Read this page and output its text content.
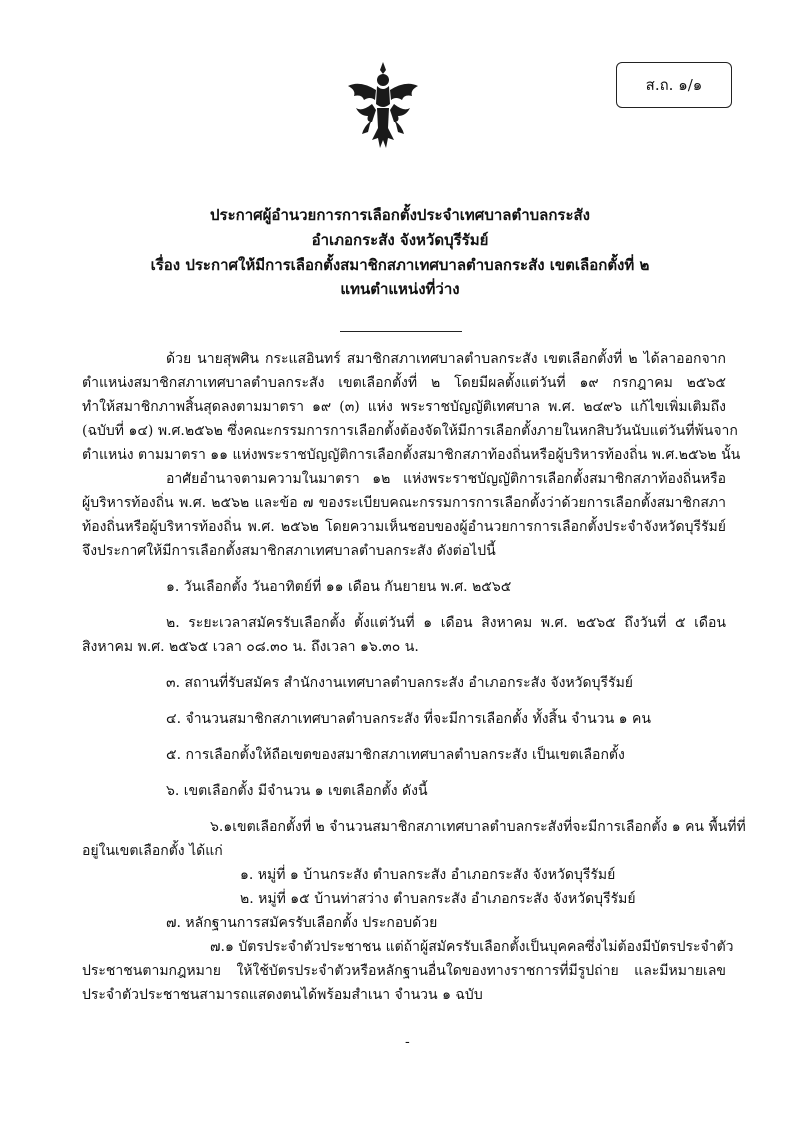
ส.ถ. ๑/๑
ประกาศผู้อำนวยการการเลือกตั้งประจำเทศบาลตำบลกระสัง
อำเภอกระสัง จังหวัดบุรีรัมย์
เรื่อง ประกาศให้มีการเลือกตั้งสมาชิกสภาเทศบาลตำบลกระสัง เขตเลือกตั้งที่ ๒
แทนตำแหน่งที่ว่าง
ด้วย นายสุพศิน กระแสอินทร์ สมาชิกสภาเทศบาลตำบลกระสัง เขตเลือกตั้งที่ ๒ ได้ลาออกจาก
ตำแหน่งสมาชิกสภาเทศบาลตำบลกระสัง เขตเลือกตั้งที่ ๒ โดยมีผลตั้งแต่วันที่ ๑๙ กรกฎาคม ๒๕๖๕
ทำให้สมาชิกภาพสิ้นสุดลงตามมาตรา ๑๙ (๓) แห่ง พระราชบัญญัติเทศบาล พ.ศ. ๒๔๙๖ แก้ไขเพิ่มเติมถึง
(ฉบับที่ ๑๔) พ.ศ.๒๕๖๒ ซึ่งคณะกรรมการการเลือกตั้งต้องจัดให้มีการเลือกตั้งภายในหกสิบวันนับแต่วันที่พ้นจาก
ตำแหน่ง ตามมาตรา ๑๑ แห่งพระราชบัญญัติการเลือกตั้งสมาชิกสภาท้องถิ่นหรือผู้บริหารท้องถิ่น พ.ศ.๒๕๖๒ นั้น
อาศัยอำนาจตามความในมาตรา ๑๒ แห่งพระราชบัญญัติการเลือกตั้งสมาชิกสภาท้องถิ่นหรือ
ผู้บริหารท้องถิ่น พ.ศ. ๒๕๖๒ และข้อ ๗ ของระเบียบคณะกรรมการการเลือกตั้งว่าด้วยการเลือกตั้งสมาชิกสภา
ท้องถิ่นหรือผู้บริหารท้องถิ่น พ.ศ. ๒๕๖๒ โดยความเห็นชอบของผู้อำนวยการการเลือกตั้งประจำจังหวัดบุรีรัมย์
จึงประกาศให้มีการเลือกตั้งสมาชิกสภาเทศบาลตำบลกระสัง ดังต่อไปนี้
๑. วันเลือกตั้ง วันอาทิตย์ที่ ๑๑ เดือน กันยายน พ.ศ. ๒๕๖๕
๒. ระยะเวลาสมัครรับเลือกตั้ง ตั้งแต่วันที่ ๑ เดือน สิงหาคม พ.ศ. ๒๕๖๕ ถึงวันที่ ๕ เดือน
สิงหาคม พ.ศ. ๒๕๖๕ เวลา ๐๘.๓๐ น. ถึงเวลา ๑๖.๓๐ น.
๓. สถานที่รับสมัคร สำนักงานเทศบาลตำบลกระสัง อำเภอกระสัง จังหวัดบุรีรัมย์
๔. จำนวนสมาชิกสภาเทศบาลตำบลกระสัง ที่จะมีการเลือกตั้ง ทั้งสิ้น จำนวน ๑ คน
๕. การเลือกตั้งให้ถือเขตของสมาชิกสภาเทศบาลตำบลกระสัง เป็นเขตเลือกตั้ง
๖. เขตเลือกตั้ง มีจำนวน ๑ เขตเลือกตั้ง ดังนี้
๖.๑เขตเลือกตั้งที่ ๒ จำนวนสมาชิกสภาเทศบาลตำบลกระสังที่จะมีการเลือกตั้ง ๑ คน พื้นที่ที่
อยู่ในเขตเลือกตั้ง ได้แก่
๑. หมู่ที่ ๑ บ้านกระสัง ตำบลกระสัง อำเภอกระสัง จังหวัดบุรีรัมย์
๒. หมู่ที่ ๑๕ บ้านท่าสว่าง ตำบลกระสัง อำเภอกระสัง จังหวัดบุรีรัมย์
๗. หลักฐานการสมัครรับเลือกตั้ง ประกอบด้วย
๗.๑ บัตรประจำตัวประชาชน แต่ถ้าผู้สมัครรับเลือกตั้งเป็นบุคคลซึ่งไม่ต้องมีบัตรประจำตัว
ประชาชนตามกฎหมาย ให้ใช้บัตรประจำตัวหรือหลักฐานอื่นใดของทางราชการที่มีรูปถ่าย และมีหมายเลข
ประจำตัวประชาชนสามารถแสดงตนได้พร้อมสำเนา จำนวน ๑ ฉบับ
-
